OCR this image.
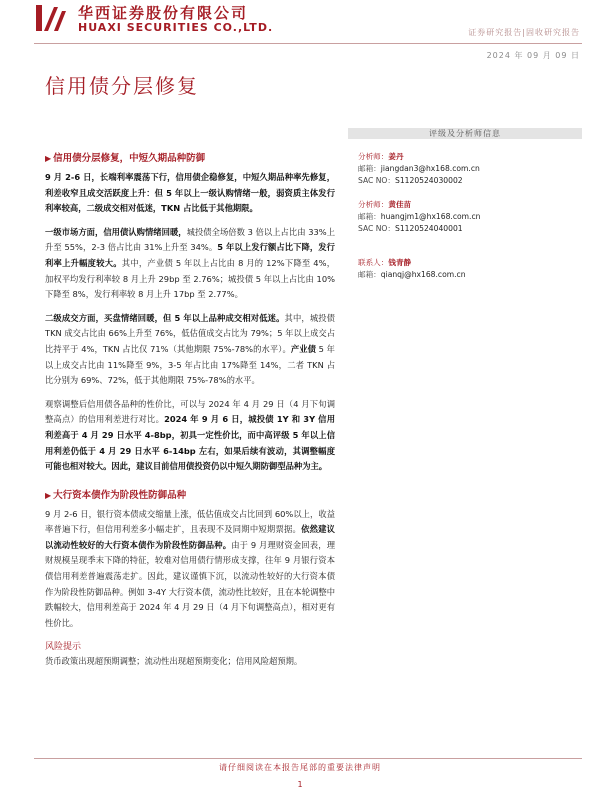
华西证券股份有限公司
HUAXI SECURITIES CO.,LTD.	证券研究报告|固收研究报告
2024 年 09 月 09 日
信用债分层修复
▶ 信用债分层修复，中短久期品种防御

9 月 2-6 日，长端利率震荡下行，信用债企稳修复，中短久期品种率先修复，利差收窄且成交活跃度上升：但 5 年以上一级认购情绪一般，弱资质主体发行利率较高，二级成交相对低迷，TKN 占比低于其他期限。

一级市场方面，信用债认购情绪回暖，城投债全场倍数 3 倍以上占比由 33%上升至 55%，2-3 倍占比由 31%上升至 34%。5 年以上发行额占比下降，发行利率上升幅度较大。其中，产业债 5 年以上占比由 8 月的 12%下降至 4%，加权平均发行利率较 8 月上升 29bp 至 2.76%；城投债 5 年以上占比由 10%下降至 8%，发行利率较 8 月上升 17bp 至 2.77%。

二级成交方面，买盘情绪回暖，但 5 年以上品种成交相对低迷。其中，城投债 TKN 成交占比由 66%上升至 76%，低估值成交占比为 79%；5 年以上成交占比持平于 4%，TKN 占比仅 71%（其他期限 75%-78%的水平）。产业债 5 年以上成交占比由 11%降至 9%，3-5 年占比由 17%降至 14%，二者 TKN 占比分别为 69%、72%，低于其他期限 75%-78%的水平。

观察调整后信用债各品种的性价比，可以与 2024 年 4 月 29 日（4 月下旬调整高点）的信用利差进行对比。2024 年 9 月 6 日，城投债 1Y 和 3Y 信用利差高于 4 月 29 日水平 4-8bp，初具一定性价比，而中高评级 5 年以上信用利差仍低于 4 月 29 日水平 6-14bp 左右，如果后续有波动，其调整幅度可能也相对较大。因此，建议目前信用债投资仍以中短久期防御型品种为主。

▶ 大行资本债作为阶段性防御品种

9 月 2-6 日，银行资本债成交缩量上涨，低估值成交占比回到 60%以上，收益率普遍下行，但信用利差多小幅走扩，且表现不及同期中短期票据。依然建议以流动性较好的大行资本债作为阶段性防御品种。由于 9 月理财资金回表，理财规模呈现季末下降的特征，较难对信用债行情形成支撑，往年 9 月银行资本债信用利差普遍震荡走扩。因此，建议谨慎下沉，以流动性较好的大行资本债作为阶段性防御品种。例如 3-4Y 大行资本债，流动性比较好，且在本轮调整中跌幅较大，信用利差高于 2024 年 4 月 29 日（4 月下旬调整高点），相对更有性价比。

风险提示

货币政策出现超预期调整；流动性出现超预期变化；信用风险超预期。

评级及分析师信息
分析师：姜丹
邮箱：jiangdan3@hx168.com.cn
SAC NO：S1120524030002
分析师：黄佳苗
邮箱：huangjm1@hx168.com.cn
SAC NO：S1120524040001
联系人：钱青静
邮箱：qianqj@hx168.com.cn
请仔细阅读在本报告尾部的重要法律声明
1
